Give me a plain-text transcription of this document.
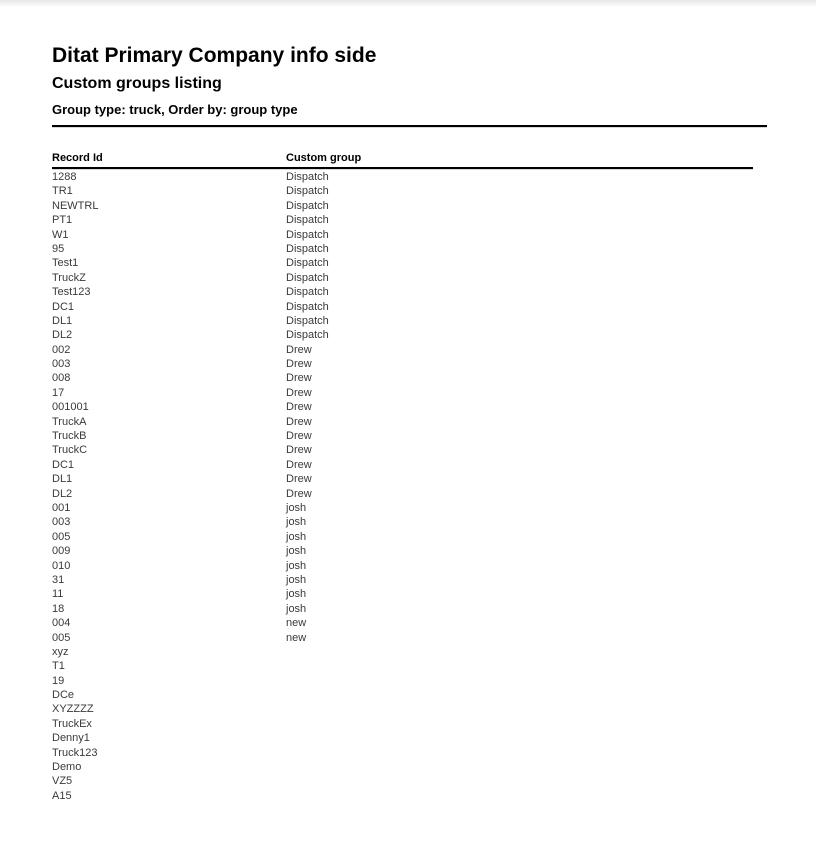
Ditat Primary Company info side
Custom groups listing
Group type: truck, Order by: group type
Record Id	Custom group
1288	Dispatch
TR1	Dispatch
NEWTRL	Dispatch
PT1	Dispatch
W1	Dispatch
95	Dispatch
Test1	Dispatch
TruckZ	Dispatch
Test123	Dispatch
DC1	Dispatch
DL1	Dispatch
DL2	Dispatch
002	Drew
003	Drew
008	Drew
17	Drew
001001	Drew
TruckA	Drew
TruckB	Drew
TruckC	Drew
DC1	Drew
DL1	Drew
DL2	Drew
001	josh
003	josh
005	josh
009	josh
010	josh
31	josh
11	josh
18	josh
004	new
005	new
xyz
T1
19
DCe
XYZZZZ
TruckEx
Denny1
Truck123
Demo
VZ5
A15
